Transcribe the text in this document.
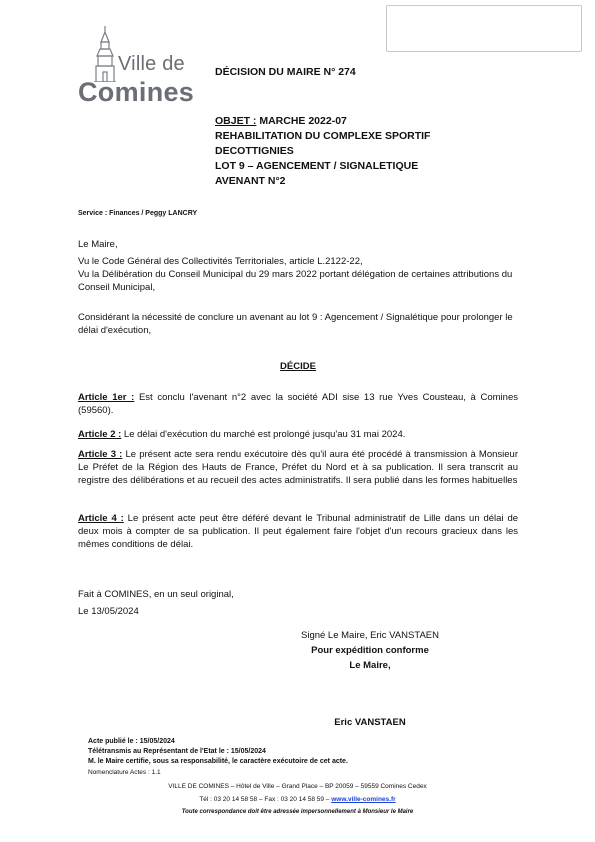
Ville de
Comines
DÉCISION DU MAIRE N° 274
OBJET : MARCHE 2022-07
REHABILITATION DU COMPLEXE SPORTIF
DECOTTIGNIES
LOT 9 – AGENCEMENT / SIGNALETIQUE
AVENANT N°2
Service : Finances / Peggy LANCRY
Le Maire,
Vu le Code Général des Collectivités Territoriales, article L.2122-22,
Vu la Délibération du Conseil Municipal du 29 mars 2022 portant délégation de certaines attributions du Conseil Municipal,
Considérant la nécessité de conclure un avenant au lot 9 : Agencement / Signalétique pour prolonger le délai d'exécution,
DÉCIDE
Article 1er : Est conclu l'avenant n°2 avec la société ADI sise 13 rue Yves Cousteau, à Comines (59560).
Article 2 : Le délai d'exécution du marché est prolongé jusqu'au 31 mai 2024.
Article 3 : Le présent acte sera rendu exécutoire dès qu'il aura été procédé à transmission à Monsieur Le Préfet de la Région des Hauts de France, Préfet du Nord et à sa publication. Il sera transcrit au registre des délibérations et au recueil des actes administratifs. Il sera publié dans les formes habituelles
Article 4 : Le présent acte peut être déféré devant le Tribunal administratif de Lille dans un délai de deux mois à compter de sa publication. Il peut également faire l'objet d'un recours gracieux dans les mêmes conditions de délai.
Fait à COMINES, en un seul original,
Le 13/05/2024
Signé Le Maire, Eric VANSTAEN
Pour expédition conforme
Le Maire,
Eric VANSTAEN
Acte publié le : 15/05/2024
Télétransmis au Représentant de l'Etat le : 15/05/2024
M. le Maire certifie, sous sa responsabilité, le caractère exécutoire de cet acte.
Nomenclature Actes : 1.1
VILLE DE COMINES – Hôtel de Ville – Grand Place – BP 20059 – 59559 Comines Cedex
Tél : 03 20 14 58 58 – Fax : 03 20 14 58 59 – www.ville-comines.fr
Toute correspondance doit être adressée impersonnellement à Monsieur le Maire
